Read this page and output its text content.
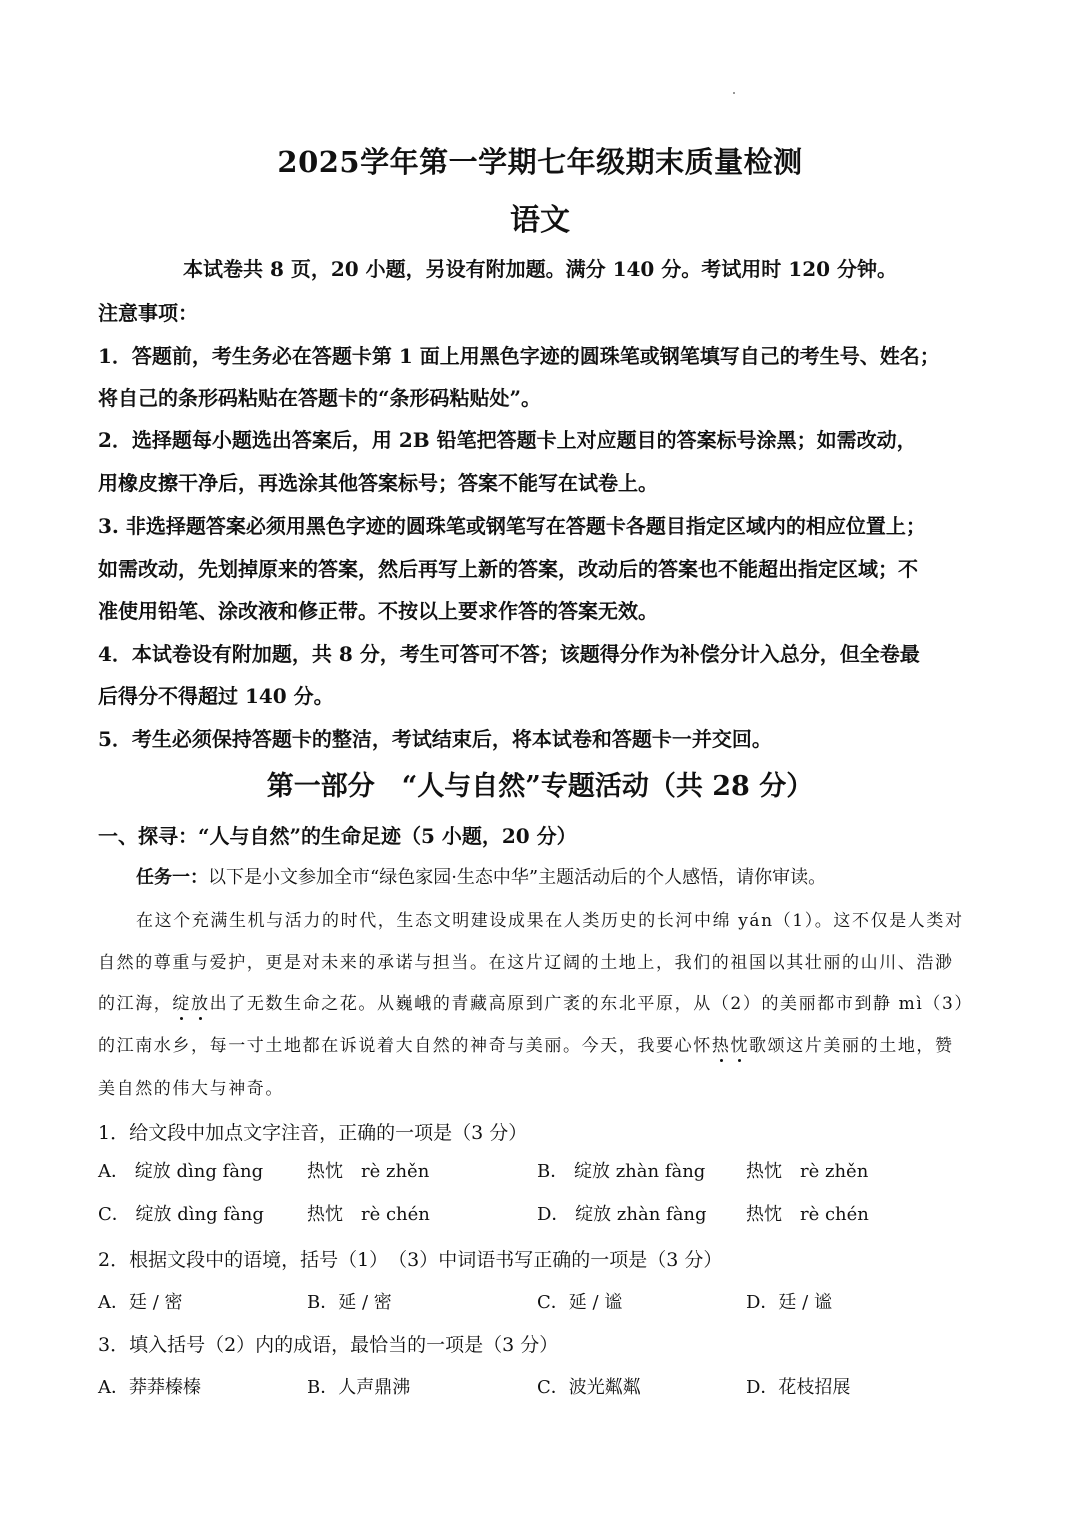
2025学年第一学期七年级期末质量检测
语文
本试卷共 8 页，20 小题，另设有附加题。满分 140 分。考试用时 120 分钟。
注意事项：
1．答题前，考生务必在答题卡第 1 面上用黑色字迹的圆珠笔或钢笔填写自己的考生号、姓名；
将自己的条形码粘贴在答题卡的“条形码粘贴处”。
2．选择题每小题选出答案后，用 2B 铅笔把答题卡上对应题目的答案标号涂黑；如需改动，
用橡皮擦干净后，再选涂其他答案标号；答案不能写在试卷上。
3. 非选择题答案必须用黑色字迹的圆珠笔或钢笔写在答题卡各题目指定区域内的相应位置上；
如需改动，先划掉原来的答案，然后再写上新的答案，改动后的答案也不能超出指定区域；不
准使用铅笔、涂改液和修正带。不按以上要求作答的答案无效。
4．本试卷设有附加题，共 8 分，考生可答可不答；该题得分作为补偿分计入总分，但全卷最
后得分不得超过 140 分。
5．考生必须保持答题卡的整洁，考试结束后，将本试卷和答题卡一并交回。
第一部分　“人与自然”专题活动（共 28 分）
一、探寻：“人与自然”的生命足迹（5 小题，20 分）
任务一：以下是小文参加全市“绿色家园·生态中华”主题活动后的个人感悟，请你审读。
在这个充满生机与活力的时代，生态文明建设成果在人类历史的长河中绵 yán（1）。这不仅是人类对
自然的尊重与爱护，更是对未来的承诺与担当。在这片辽阔的土地上，我们的祖国以其壮丽的山川、浩渺
的江海，绽放出了无数生命之花。从巍峨的青藏高原到广袤的东北平原，从（2）的美丽都市到静 mì（3）
的江南水乡，每一寸土地都在诉说着大自然的神奇与美丽。今天，我要心怀热忱歌颂这片美丽的土地，赞
美自然的伟大与神奇。
1．给文段中加点文字注音，正确的一项是（3 分）
A． 绽放 dìng fàng 热忱　 rè zhěn	B． 绽放 zhàn fàng 热忱　 rè zhěn
C． 绽放 dìng fàng 热忱　 rè chén	D． 绽放 zhàn fàng 热忱　 rè chén
2．根据文段中的语境，括号（1）　（3）中词语书写正确的一项是（3 分）
A．廷 / 密	B．延 / 密	C．延 / 谧	D．廷 / 谧
3．填入括号（2）内的成语，最恰当的一项是（3 分）
A．莽莽榛榛	B．人声鼎沸	C．波光粼粼	D．花枝招展
